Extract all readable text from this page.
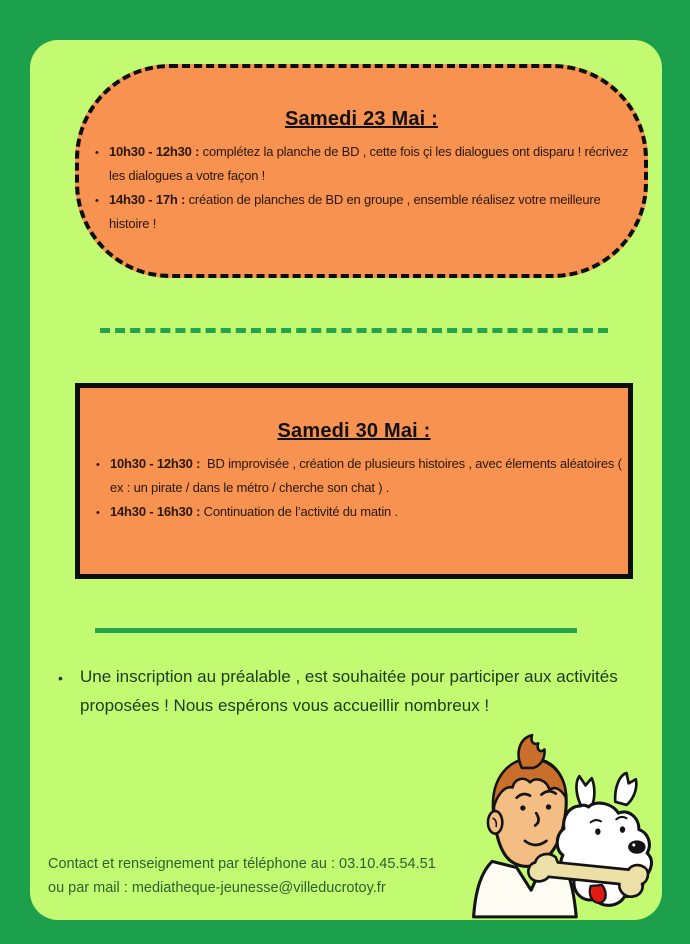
Samedi 23 Mai :
• 10h30 - 12h30 : complétez la planche de BD , cette fois çi les dialogues ont disparu ! récrivez les dialogues a votre façon !
• 14h30 - 17h : création de planches de BD en groupe , ensemble réalisez votre meilleure histoire !
Samedi 30 Mai :
• 10h30 - 12h30 :  BD improvisée , création de plusieurs histoires , avec élements aléatoires ( ex : un pirate / dans le métro / cherche son chat ) .
• 14h30 - 16h30 : Continuation de l’activité du matin .
•	Une inscription au préalable , est souhaitée pour participer aux activités proposées ! Nous espérons vous accueillir nombreux !
Contact et renseignement par téléphone au : 03.10.45.54.51
ou par mail : mediatheque-jeunesse@villeducrotoy.fr
